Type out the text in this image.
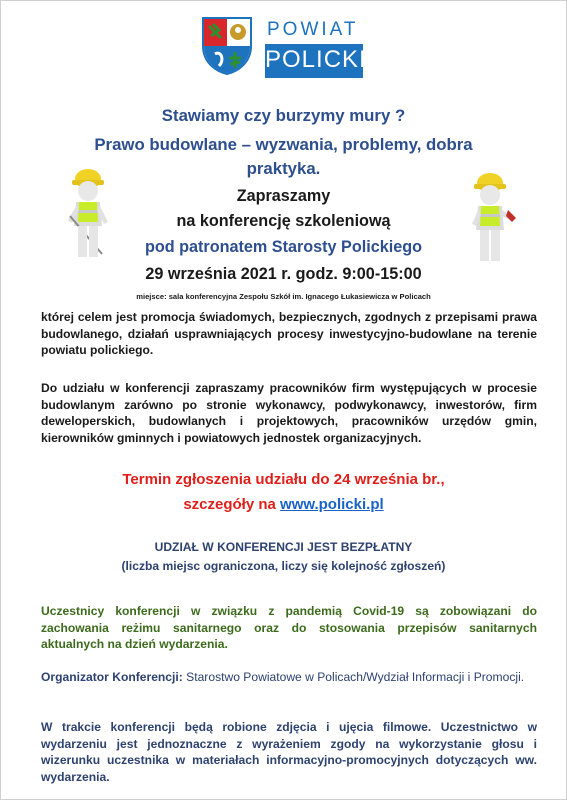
POWIAT
POLICKI
Stawiamy czy burzymy mury ?
Prawo budowlane – wyzwania, problemy, dobra
praktyka.
Zapraszamy
na konferencję szkoleniową
pod patronatem Starosty Polickiego
29 września 2021 r. godz. 9:00-15:00
miejsce: sala konferencyjna Zespołu Szkół im. Ignacego Łukasiewicza w Policach
której celem jest promocja świadomych, bezpiecznych, zgodnych z przepisami prawa budowlanego, działań usprawniających procesy inwestycyjno-budowlane na terenie powiatu polickiego.
Do udziału w konferencji zapraszamy pracowników firm występujących w procesie budowlanym zarówno po stronie wykonawcy, podwykonawcy, inwestorów, firm deweloperskich, budowlanych i projektowych, pracowników urzędów gmin, kierowników gminnych i powiatowych jednostek organizacyjnych.
Termin zgłoszenia udziału do 24 września br.,
szczegóły na www.policki.pl
UDZIAŁ W KONFERENCJI JEST BEZPŁATNY
(liczba miejsc ograniczona, liczy się kolejność zgłoszeń)
Uczestnicy konferencji w związku z pandemią Covid-19 są zobowiązani do zachowania reżimu sanitarnego oraz do stosowania przepisów sanitarnych aktualnych na dzień wydarzenia.
Organizator Konferencji: Starostwo Powiatowe w Policach/Wydział Informacji i Promocji.
W trakcie konferencji będą robione zdjęcia i ujęcia filmowe. Uczestnictwo w wydarzeniu jest jednoznaczne z wyrażeniem zgody na wykorzystanie głosu i wizerunku uczestnika w materiałach informacyjno-promocyjnych dotyczących ww. wydarzenia.
